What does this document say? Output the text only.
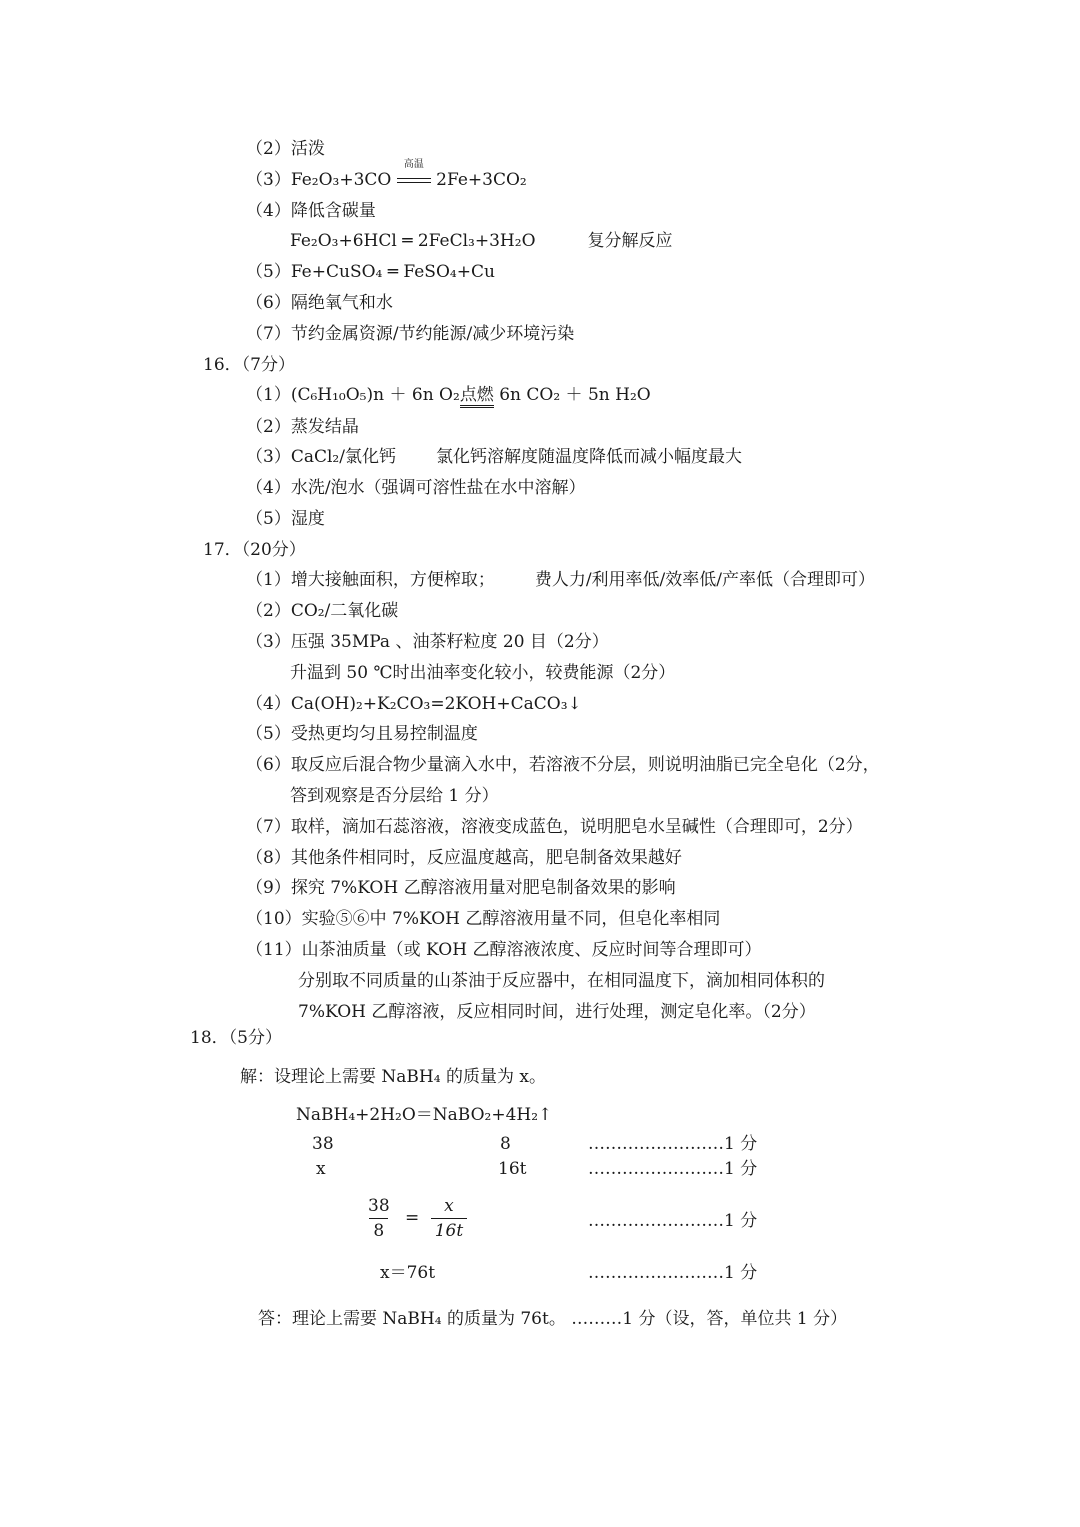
（2）活泼
（3）Fe₂O₃+3CO
高温
2Fe+3CO₂
（4）降低含碳量
Fe₂O₃+6HCl ═ 2FeCl₃+3H₂O	复分解反应
（5）Fe+CuSO₄ ═ FeSO₄+Cu
（6）隔绝氧气和水
（7）节约金属资源/节约能源/减少环境污染
16．（7分）
（1）(C₆H₁₀O₅)n ＋ 6n O₂点燃 6n CO₂ ＋ 5n H₂O
（2）蒸发结晶
（3）CaCl₂/氯化钙 氯化钙溶解度随温度降低而减小幅度最大
（4）水洗/泡水（强调可溶性盐在水中溶解）
（5）湿度
17．（20分）
（1）增大接触面积，方便榨取； 费人力/利用率低/效率低/产率低（合理即可）
（2）CO₂/二氧化碳
（3）压强 35MPa 、油茶籽粒度 20 目（2分）
升温到 50 ℃时出油率变化较小，较费能源（2分）
（4）Ca(OH)₂+K₂CO₃=2KOH+CaCO₃↓
（5）受热更均匀且易控制温度
（6）取反应后混合物少量滴入水中，若溶液不分层，则说明油脂已完全皂化（2分，
答到观察是否分层给 1 分）
（7）取样，滴加石蕊溶液，溶液变成蓝色，说明肥皂水呈碱性（合理即可，2分）
（8）其他条件相同时，反应温度越高，肥皂制备效果越好
（9）探究 7%KOH 乙醇溶液用量对肥皂制备效果的影响
（10）实验⑤⑥中 7%KOH 乙醇溶液用量不同，但皂化率相同
（11）山茶油质量（或 KOH 乙醇溶液浓度、反应时间等合理即可）
分别取不同质量的山茶油于反应器中，在相同温度下，滴加相同体积的
7%KOH 乙醇溶液，反应相同时间，进行处理，测定皂化率。（2分）
18．（5分）
解：设理论上需要 NaBH₄ 的质量为 x。
NaBH₄+2H₂O＝NaBO₂+4H₂↑
38	8	……………………1 分
x	16t	……………………1 分
$\frac{38}{8} = \frac{x}{16t}$	……………………1 分
x＝76t	……………………1 分
答：理论上需要 NaBH₄ 的质量为 76t。 ………1 分（设，答，单位共 1 分）
